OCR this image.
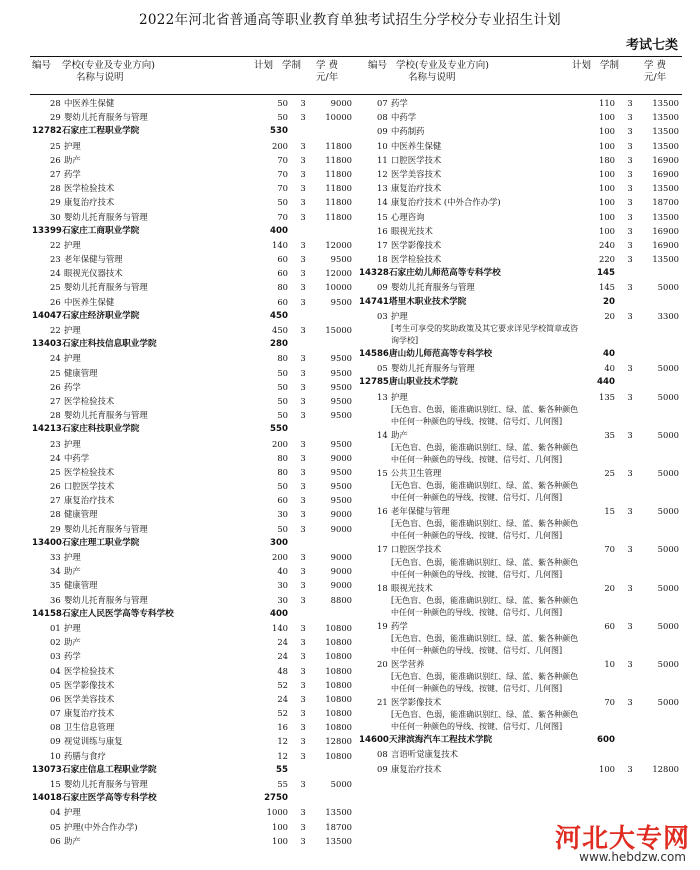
2022年河北省普通高等职业教育单独考试招生分学校分专业招生计划
考试七类
编号 学校(专业及专业方向)
名称与说明
计划 学制 学 费
元/年
编号 学校(专业及专业方向)
名称与说明
计划 学制	学 费
元/年
28 中医养生保健	50	3	9000
29 婴幼儿托育服务与管理	50	3	10000
12782 石家庄工程职业学院	530
25 护理	200	3	11800
26 助产	70	3	11800
27 药学	70	3	11800
28 医学检验技术	70	3	11800
29 康复治疗技术	50	3	11800
30 婴幼儿托育服务与管理	70	3	11800
13399 石家庄工商职业学院	400
22 护理	140	3	12000
23 老年保健与管理	60	3	9500
24 眼视光仪器技术	60	3	12000
25 婴幼儿托育服务与管理	80	3	10000
26 中医养生保健	60	3	9500
14047 石家庄经济职业学院	450
22 护理	450	3	15000
13403 石家庄科技信息职业学院	280
24 护理	80	3	9500
25 健康管理	50	3	9500
26 药学	50	3	9500
27 医学检验技术	50	3	9500
28 婴幼儿托育服务与管理	50	3	9500
14213 石家庄科技职业学院	550
23 护理	200	3	9500
24 中药学	80	3	9000
25 医学检验技术	80	3	9500
26 口腔医学技术	50	3	9500
27 康复治疗技术	60	3	9500
28 健康管理	30	3	9000
29 婴幼儿托育服务与管理	50	3	9000
13400 石家庄理工职业学院	300
33 护理	200	3	9000
34 助产	40	3	9000
35 健康管理	30	3	9000
36 婴幼儿托育服务与管理	30	3	8800
14158 石家庄人民医学高等专科学校	400
01 护理	140	3	10800
02 助产	24	3	10800
03 药学	24	3	10800
04 医学检验技术	48	3	10800
05 医学影像技术	52	3	10800
06 医学美容技术	24	3	10800
07 康复治疗技术	52	3	10800
08 卫生信息管理	16	3	10800
09 视觉训练与康复	12	3	12800
10 药膳与食疗	12	3	10800
13073 石家庄信息工程职业学院	55
15 婴幼儿托育服务与管理	55	3	5000
14018 石家庄医学高等专科学校	2750
04 护理	1000	3	13500
05 护理(中外合作办学)	100	3	18700
06 助产	100	3	13500
07 药学	110	3	13500
08 中药学	100	3	13500
09 中药制药	100	3	13500
10 中医养生保健	100	3	13500
11 口腔医学技术	180	3	16900
12 医学美容技术	100	3	16900
13 康复治疗技术	100	3	13500
14 康复治疗技术 (中外合作办学)	100	3	18700
15 心理咨询	100	3	13500
16 眼视光技术	100	3	16900
17 医学影像技术	240	3	16900
18 医学检验技术	220	3	13500
14328 石家庄幼儿师范高等专科学校	145
09 婴幼儿托育服务与管理	145	3	5000
14741 塔里木职业技术学院	20
03 护理	20	3	3300
[考生可享受的奖助政策及其它要求详见学校简章或咨询学校]
14586 唐山幼儿师范高等专科学校	40
05 婴幼儿托育服务与管理	40	3	5000
12785 唐山职业技术学院	440
13 护理	135	3	5000
[无色盲、色弱，能准确识别红、绿、蓝、紫各种颜色中任何一种颜色的导线、按键、信号灯、几何图]
14 助产	35	3	5000
[无色盲、色弱，能准确识别红、绿、蓝、紫各种颜色中任何一种颜色的导线、按键、信号灯、几何图]
15 公共卫生管理	25	3	5000
[无色盲、色弱，能准确识别红、绿、蓝、紫各种颜色中任何一种颜色的导线、按键、信号灯、几何图]
16 老年保健与管理	15	3	5000
[无色盲、色弱，能准确识别红、绿、蓝、紫各种颜色中任何一种颜色的导线、按键、信号灯、几何图]
17 口腔医学技术	70	3	5000
[无色盲、色弱，能准确识别红、绿、蓝、紫各种颜色中任何一种颜色的导线、按键、信号灯、几何图]
18 眼视光技术	20	3	5000
[无色盲、色弱，能准确识别红、绿、蓝、紫各种颜色中任何一种颜色的导线、按键、信号灯、几何图]
19 药学	60	3	5000
[无色盲、色弱，能准确识别红、绿、蓝、紫各种颜色中任何一种颜色的导线、按键、信号灯、几何图]
20 医学营养	10	3	5000
[无色盲、色弱，能准确识别红、绿、蓝、紫各种颜色中任何一种颜色的导线、按键、信号灯、几何图]
21 医学影像技术	70	3	5000
[无色盲、色弱，能准确识别红、绿、蓝、紫各种颜色中任何一种颜色的导线、按键、信号灯、几何图]
14600 天津滨海汽车工程技术学院	600
08 言语听觉康复技术
09 康复治疗技术	100	3	12800
河北大专网
www.hebdzw.com
